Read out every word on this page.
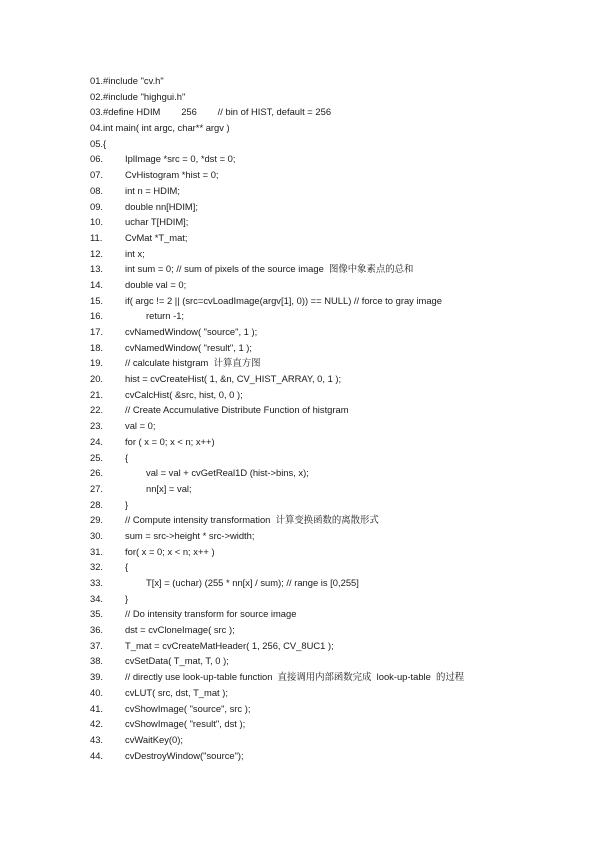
01.#include "cv.h"
02.#include "highgui.h"
03.#define HDIM        256        // bin of HIST, default = 256
04.int main( int argc, char** argv )
05.{
06. IplImage *src = 0, *dst = 0;
07. CvHistogram *hist = 0;
08. int n = HDIM;
09. double nn[HDIM];
10. uchar T[HDIM];
11. CvMat *T_mat;
12. int x;
13. int sum = 0; // sum of pixels of the source image  图像中象素点的总和
14. double val = 0;
15. if( argc != 2 || (src=cvLoadImage(argv[1], 0)) == NULL) // force to gray image
16.	return -1;
17. cvNamedWindow( "source", 1 );
18. cvNamedWindow( "result", 1 );
19. // calculate histgram  计算直方图
20. hist = cvCreateHist( 1, &n, CV_HIST_ARRAY, 0, 1 );
21. cvCalcHist( &src, hist, 0, 0 );
22. // Create Accumulative Distribute Function of histgram
23. val = 0;
24. for ( x = 0; x < n; x++)
25. {
26.	val = val + cvGetReal1D (hist->bins, x);
27.	nn[x] = val;
28. }
29. // Compute intensity transformation  计算变换函数的离散形式
30. sum = src->height * src->width;
31. for( x = 0; x < n; x++ )
32. {
33.	T[x] = (uchar) (255 * nn[x] / sum); // range is [0,255]
34. }
35. // Do intensity transform for source image
36. dst = cvCloneImage( src );
37. T_mat = cvCreateMatHeader( 1, 256, CV_8UC1 );
38. cvSetData( T_mat, T, 0 );
39. // directly use look-up-table function  直接调用内部函数完成  look-up-table  的过程
40. cvLUT( src, dst, T_mat );
41. cvShowImage( "source", src );
42. cvShowImage( "result", dst );
43. cvWaitKey(0);
44. cvDestroyWindow("source");
